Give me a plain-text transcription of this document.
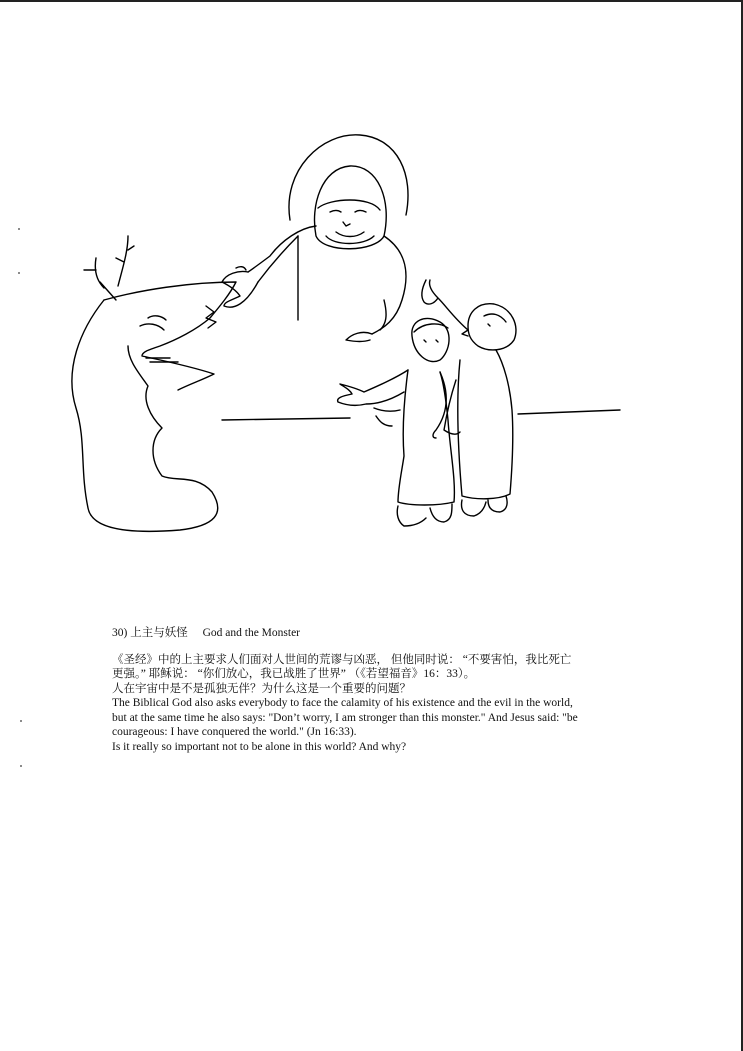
30) 上主与妖怪 God and the Monster

《圣经》中的上主要求人们面对人世间的荒谬与凶恶， 但他同时说： “不要害怕，我比死亡

更强。” 耶稣说： “你们放心，我已战胜了世界” （《若望福音》16：33）。

人在宇宙中是不是孤独无伴？为什么这是一个重要的问题？

The Biblical God also asks everybody to face the calamity of his existence and the evil in the world,

but at the same time he also says: "Don’t worry, I am stronger than this monster." And Jesus said: "be

courageous: I have conquered the world." (Jn 16:33).

Is it really so important not to be alone in this world? And why?
